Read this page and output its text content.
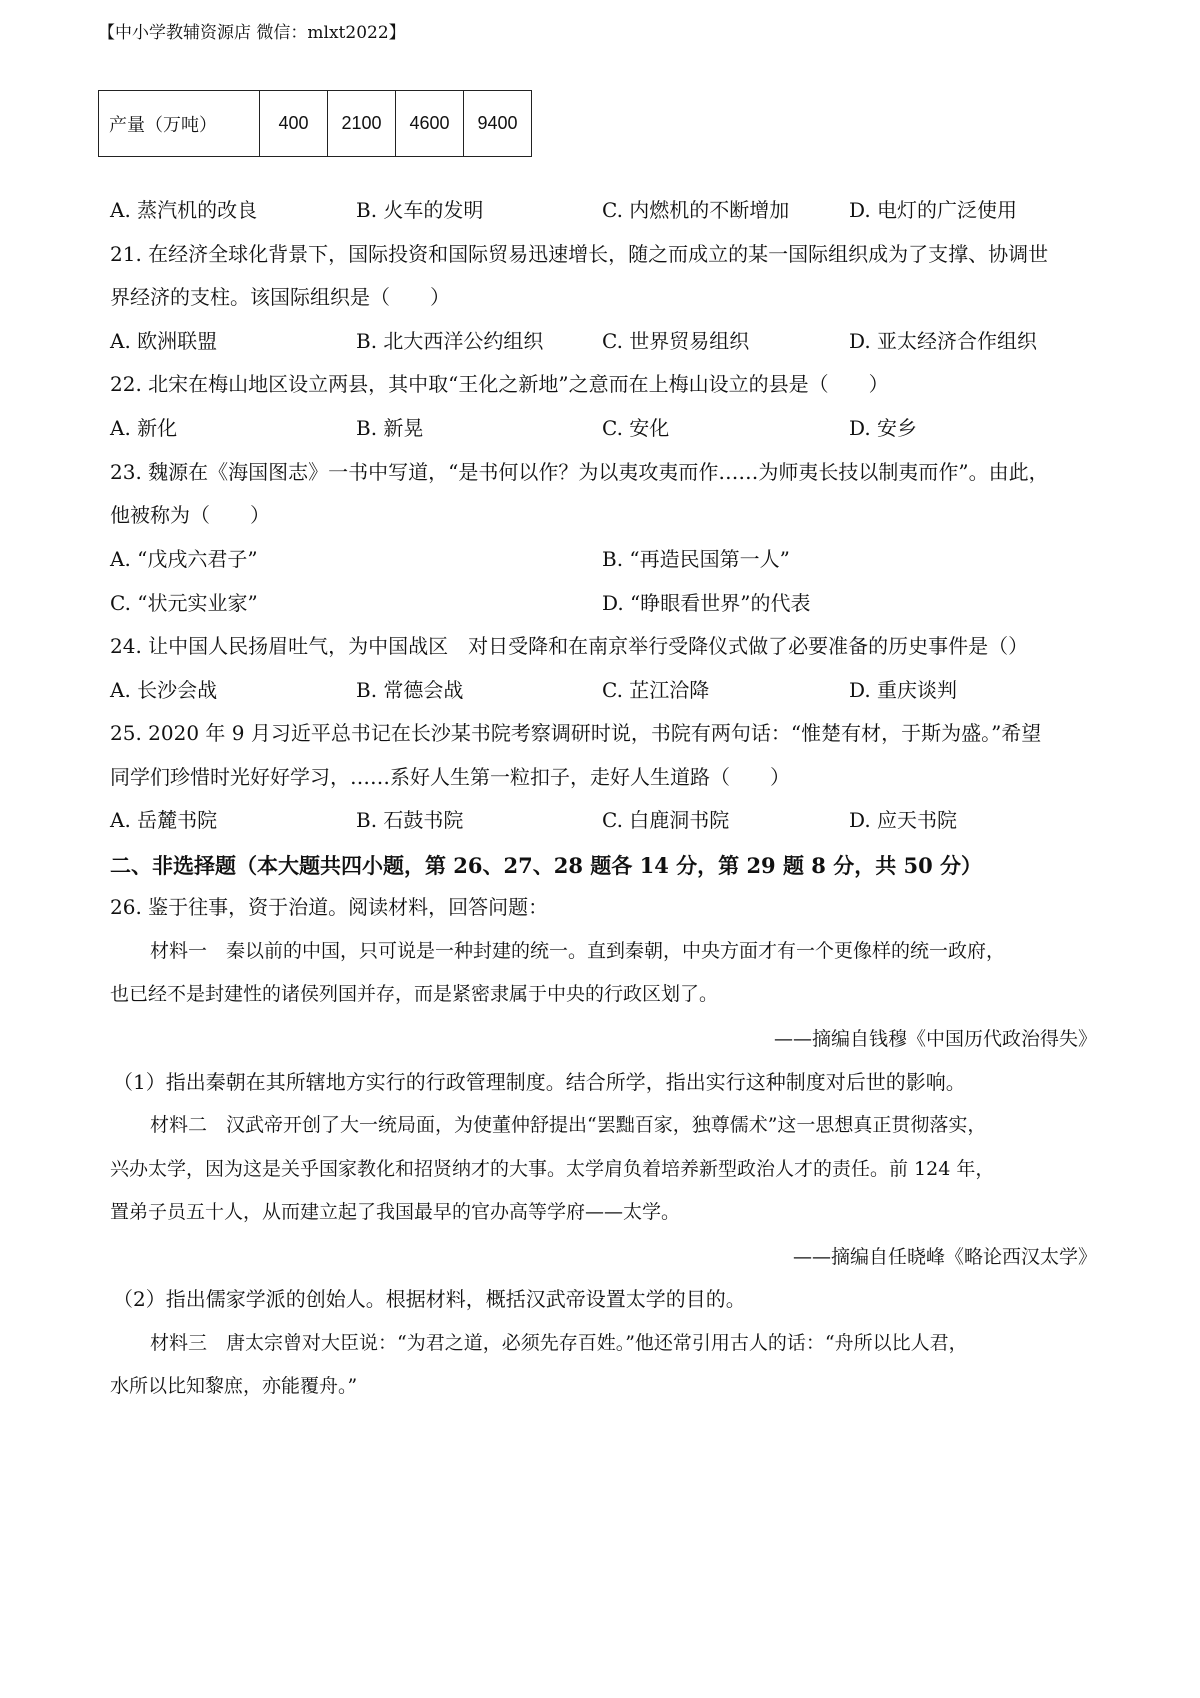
【中小学教辅资源店 微信：mlxt2022】
产量（万吨）	400	2100	4600	9400
A. 蒸汽机的改良	B. 火车的发明	C. 内燃机的不断增加	D. 电灯的广泛使用
21. 在经济全球化背景下，国际投资和国际贸易迅速增长，随之而成立的某一国际组织成为了支撑、协调世
界经济的支柱。该国际组织是（　　）
A. 欧洲联盟	B. 北大西洋公约组织	C. 世界贸易组织	D. 亚太经济合作组织
22. 北宋在梅山地区设立两县，其中取“王化之新地”之意而在上梅山设立的县是（　　）
A. 新化	B. 新晃	C. 安化	D. 安乡
23. 魏源在《海国图志》一书中写道，“是书何以作？为以夷攻夷而作……为师夷长技以制夷而作”。由此，
他被称为（　　）
A. “戊戌六君子”	B. “再造民国第一人”
C. “状元实业家”	D. “睁眼看世界”的代表
24. 让中国人民扬眉吐气，为中国战区　对日受降和在南京举行受降仪式做了必要准备的历史事件是（）
A. 长沙会战	B. 常德会战	C. 芷江洽降	D. 重庆谈判
25. 2020 年 9 月习近平总书记在长沙某书院考察调研时说，书院有两句话：“惟楚有材，于斯为盛。”希望
同学们珍惜时光好好学习，……系好人生第一粒扣子，走好人生道路（　　）
A. 岳麓书院	B. 石鼓书院	C. 白鹿洞书院	D. 应天书院
二、非选择题（本大题共四小题，第 26、27、28 题各 14 分，第 29 题 8 分，共 50 分）
26. 鉴于往事，资于治道。阅读材料，回答问题：
材料一　秦以前的中国，只可说是一种封建的统一。直到秦朝，中央方面才有一个更像样的统一政府，
也已经不是封建性的诸侯列国并存，而是紧密隶属于中央的行政区划了。
——摘编自钱穆《中国历代政治得失》
（1）指出秦朝在其所辖地方实行的行政管理制度。结合所学，指出实行这种制度对后世的影响。
材料二　汉武帝开创了大一统局面，为使董仲舒提出“罢黜百家，独尊儒术”这一思想真正贯彻落实，
兴办太学，因为这是关乎国家教化和招贤纳才的大事。太学肩负着培养新型政治人才的责任。前 124 年，
置弟子员五十人，从而建立起了我国最早的官办高等学府——太学。
——摘编自任晓峰《略论西汉太学》
（2）指出儒家学派的创始人。根据材料，概括汉武帝设置太学的目的。
材料三　唐太宗曾对大臣说：“为君之道，必须先存百姓。”他还常引用古人的话：“舟所以比人君，
水所以比知黎庶，亦能覆舟。”
